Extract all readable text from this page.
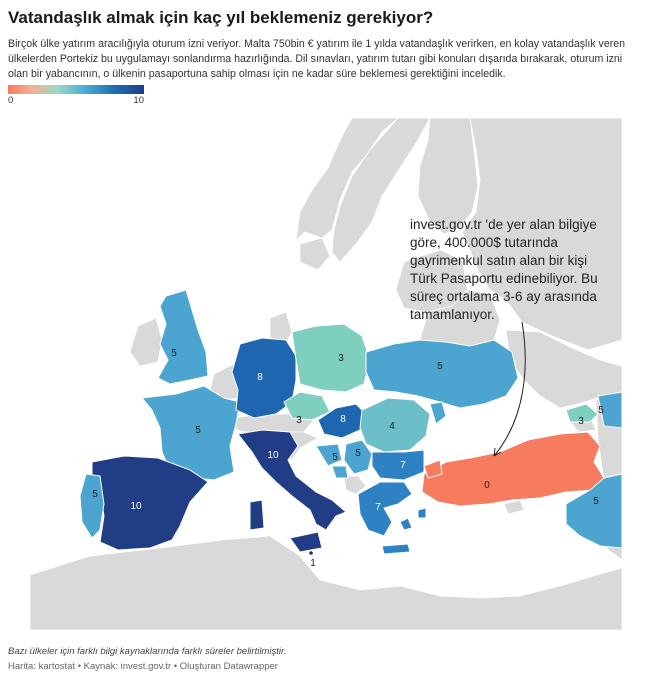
Vatandaşlık almak için kaç yıl beklemeniz gerekiyor?
Birçok ülke yatırım aracılığıyla oturum izni veriyor. Malta 750bin € yatırım ile 1 yılda vatandaşlık verirken, en kolay vatandaşlık veren ülkelerden Portekiz bu uygulamayı sonlandırma hazırlığında. Dil sınavları, yatırım tutarı gibi konuları dışarıda bırakarak, oturum izni olan bir yabancının, o ülkenin pasaportuna sahip olması için ne kadar süre beklemesi gerektiğini inceledik.
0	10
5	3
5
8
5
3	8
4
5
5
5
3
10
7
0
5
10	7
5
1
invest.gov.tr 'de yer alan bilgiye
göre, 400.000$ tutarında
gayrimenkul satın alan bir kişi
Türk Pasaportu edinebiliyor. Bu
süreç ortalama 3-6 ay arasında
tamamlanıyor.
Bazı ülkeler için farklı bilgi kaynaklarında farklı süreler belirtilmiştir.
Harita: kartostat • Kaynak: invest.gov.tr • Oluşturan Datawrapper
